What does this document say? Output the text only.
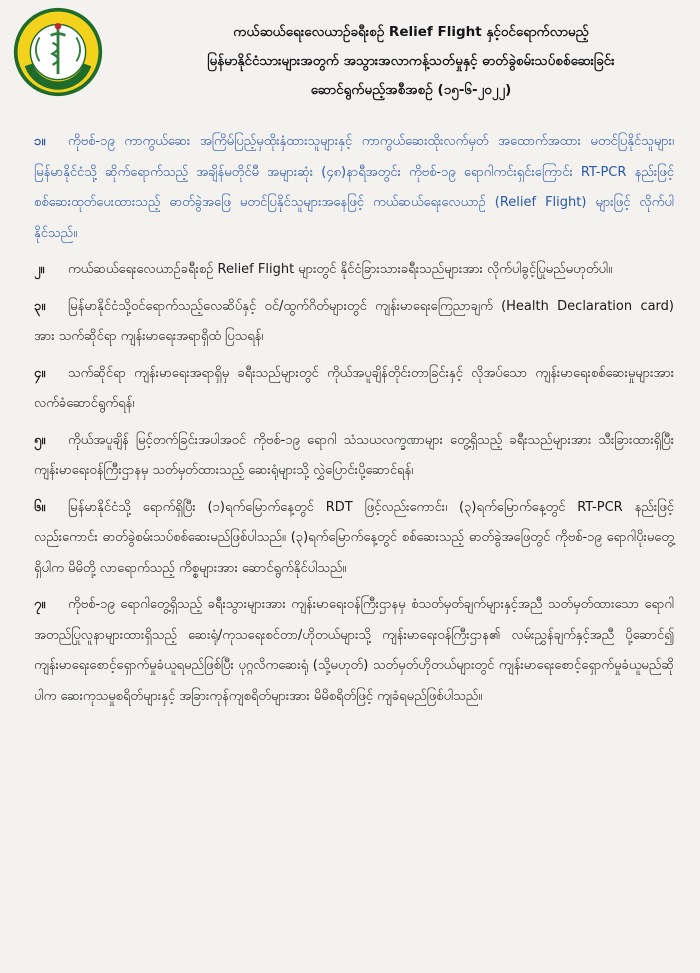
ကယ်ဆယ်ရေးလေယာဉ်ခရီးစဉ် Relief Flight နှင့်ဝင်ရောက်လာမည့်
မြန်မာနိုင်ငံသားများအတွက် အသွားအလာကန့်သတ်မှုနှင့် ဓာတ်ခွဲစမ်းသပ်စစ်ဆေးခြင်း
ဆောင်ရွက်မည့်အစီအစဉ် (၁၅-၆-၂၀၂၂)

၁။ ကိုဗစ်-၁၉ ကာကွယ်ဆေး အကြိမ်ပြည့်မှထိုးနှံထားသူများနှင့် ကာကွယ်ဆေးထိုးလက်မှတ် အထောက်အထား မတင်ပြနိုင်သူများ၊ မြန်မာနိုင်ငံသို့ ဆိုက်ရောက်သည့် အချိန်မတိုင်မီ အများဆုံး (၄၈)နာရီအတွင်း ကိုဗစ်-၁၉ ရောဂါကင်းရှင်းကြောင်း RT-PCR နည်းဖြင့် စစ်ဆေးထုတ်ပေးထားသည့် ဓာတ်ခွဲအဖြေ မတင်ပြနိုင်သူများအနေဖြင့် ကယ်ဆယ်ရေးလေယာဉ် (Relief Flight) များဖြင့် လိုက်ပါနိုင်သည်။

၂။ ကယ်ဆယ်ရေးလေယာဉ်ခရီးစဉ် Relief Flight များတွင် နိုင်ငံခြားသားခရီးသည်များအား လိုက်ပါခွင့်ပြုမည်မဟုတ်ပါ။

၃။ မြန်မာနိုင်ငံသို့ဝင်ရောက်သည့်လေဆိပ်နှင့် ဝင်/ထွက်ဂိတ်များတွင် ကျန်းမာရေးကြေညာချက် (Health Declaration card) အား သက်ဆိုင်ရာ ကျန်းမာရေးအရာရှိထံ ပြသရန်၊

၄။ သက်ဆိုင်ရာ ကျန်းမာရေးအရာရှိမှ ခရီးသည်များတွင် ကိုယ်အပူချိန်တိုင်းတာခြင်းနှင့် လိုအပ်သော ကျန်းမာရေးစစ်ဆေးမှုများအား လက်ခံဆောင်ရွက်ရန်၊

၅။ ကိုယ်အပူချိန် မြင့်တက်ခြင်းအပါအဝင် ကိုဗစ်-၁၉ ရောဂါ သံသယလက္ခဏာများ တွေ့ရှိသည့် ခရီးသည်များအား သီးခြားထားရှိပြီး ကျန်းမာရေးဝန်ကြီးဌာနမှ သတ်မှတ်ထားသည့် ဆေးရုံများသို့ လွှဲပြောင်းပို့ဆောင်ရန်၊

၆။ မြန်မာနိုင်ငံသို့ ရောက်ရှိပြီး (၁)ရက်မြောက်နေ့တွင် RDT ဖြင့်လည်းကောင်း၊ (၃)ရက်မြောက်နေ့တွင် RT-PCR နည်းဖြင့်လည်းကောင်း ဓာတ်ခွဲစမ်းသပ်စစ်ဆေးမည်ဖြစ်ပါသည်။ (၃)ရက်မြောက်နေ့တွင် စစ်ဆေးသည့် ဓာတ်ခွဲအဖြေတွင် ကိုဗစ်-၁၉ ရောဂါပိုးမတွေ့ရှိပါက မိမိတို့ လာရောက်သည့် ကိစ္စများအား ဆောင်ရွက်နိုင်ပါသည်။

၇။ ကိုဗစ်-၁၉ ရောဂါတွေ့ရှိသည့် ခရီးသွားများအား ကျန်းမာရေးဝန်ကြီးဌာနမှ စံသတ်မှတ်ချက်များနှင့်အညီ သတ်မှတ်ထားသော ရောဂါအတည်ပြုလူနာများထားရှိသည့် ဆေးရုံ/ကုသရေးစင်တာ/ဟိုတယ်များသို့ ကျန်းမာရေးဝန်ကြီးဌာန၏ လမ်းညွှန်ချက်နှင့်အညီ ပို့ဆောင်၍ ကျန်းမာရေးစောင့်ရှောက်မှုခံယူရမည်ဖြစ်ပြီး ပုဂ္ဂလိကဆေးရုံ (သို့မဟုတ်) သတ်မှတ်ဟိုတယ်များတွင် ကျန်းမာရေးစောင့်ရှောက်မှုခံယူမည်ဆိုပါက ဆေးကုသမှုစရိတ်များနှင့် အခြားကုန်ကျစရိတ်များအား မိမိစရိတ်ဖြင့် ကျခံရမည်ဖြစ်ပါသည်။
